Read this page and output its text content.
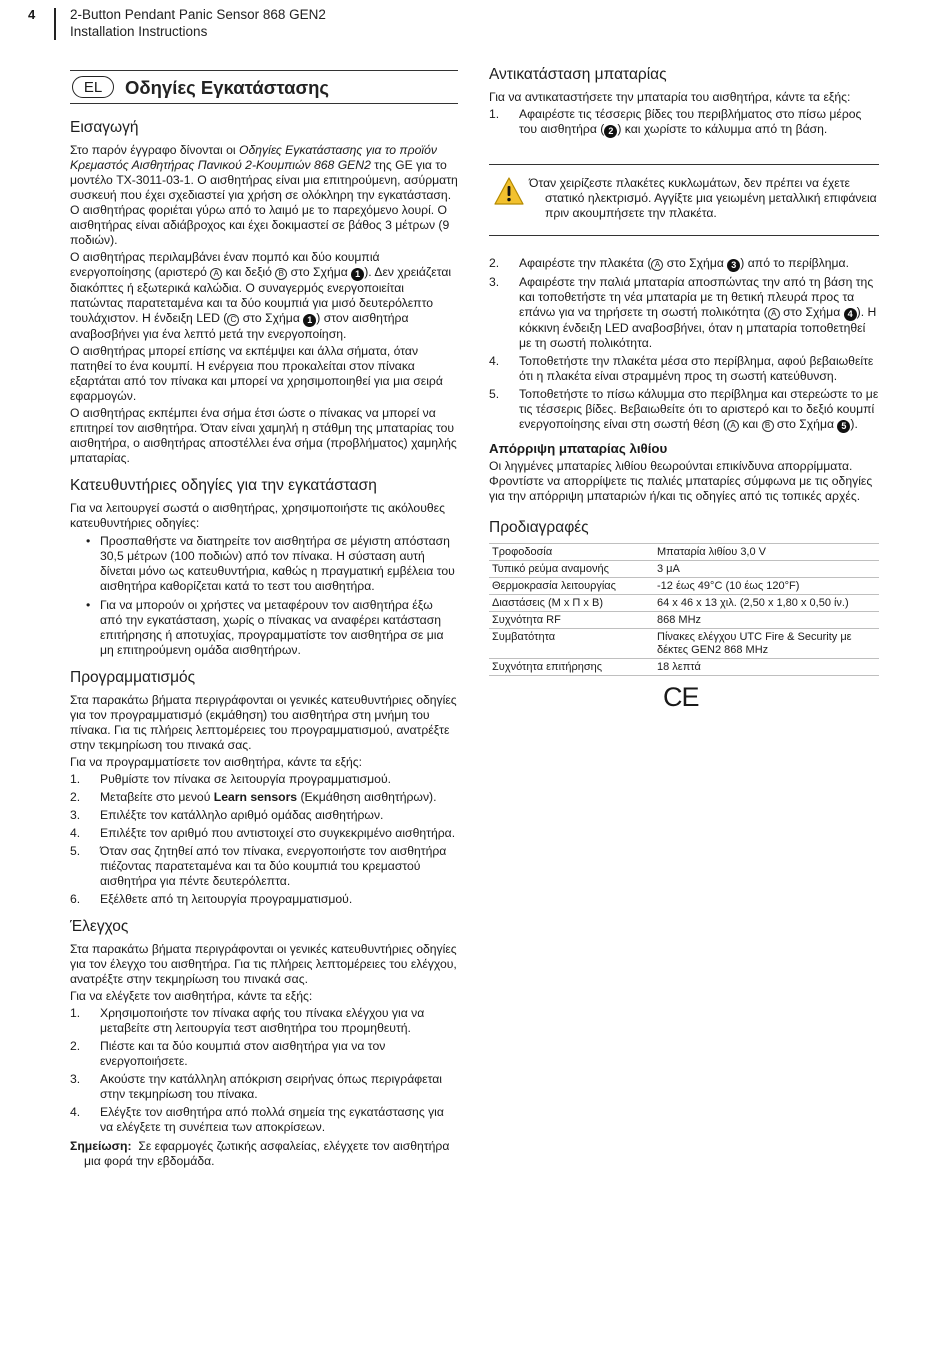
4	2-Button Pendant Panic Sensor 868 GEN2
Installation Instructions
EL	Οδηγίες Εγκατάστασης
Εισαγωγή

Στο παρόν έγγραφο δίνονται οι Οδηγίες Εγκατάστασης για το προϊόν Κρεμαστός Αισθητήρας Πανικού 2-Κουμπιών 868 GEN2 της GE για το μοντέλο TX-3011-03-1. Ο αισθητήρας είναι μια επιτηρούμενη, ασύρματη συσκευή που έχει σχεδιαστεί για χρήση σε ολόκληρη την εγκατάσταση. Ο αισθητήρας φοριέται γύρω από το λαιμό με το παρεχόμενο λουρί. Ο αισθητήρας είναι αδιάβροχος και έχει δοκιμαστεί σε βάθος 3 μέτρων (9 ποδιών).

Ο αισθητήρας περιλαμβάνει έναν πομπό και δύο κουμπιά ενεργοποίησης (αριστερό A και δεξιό B στο Σχήμα 1 ). Δεν χρειάζεται διακόπτες ή εξωτερικά καλώδια. Ο συναγερμός ενεργοποιείται πατώντας παρατεταμένα και τα δύο κουμπιά για μισό δευτερόλεπτο τουλάχιστον. Η ένδειξη LED ( C στο Σχήμα 1 ) στον αισθητήρα αναβοσβήνει για ένα λεπτό μετά την ενεργοποίηση.

Ο αισθητήρας μπορεί επίσης να εκπέμψει και άλλα σήματα, όταν πατηθεί το ένα κουμπί. Η ενέργεια που προκαλείται στον πίνακα εξαρτάται από τον πίνακα και μπορεί να χρησιμοποιηθεί για μια σειρά εφαρμογών.

Ο αισθητήρας εκπέμπει ένα σήμα έτσι ώστε ο πίνακας να μπορεί να επιτηρεί τον αισθητήρα. Όταν είναι χαμηλή η στάθμη της μπαταρίας του αισθητήρα, ο αισθητήρας αποστέλλει ένα σήμα (προβλήματος) χαμηλής μπαταρίας.

Κατευθυντήριες οδηγίες για την εγκατάσταση

Για να λειτουργεί σωστά ο αισθητήρας, χρησιμοποιήστε τις ακόλουθες κατευθυντήριες οδηγίες:

• Προσπαθήστε να διατηρείτε τον αισθητήρα σε μέγιστη απόσταση 30,5 μέτρων (100 ποδιών) από τον πίνακα. Η σύσταση αυτή δίνεται μόνο ως κατευθυντήρια, καθώς η πραγματική εμβέλεια του αισθητήρα καθορίζεται κατά το τεστ του αισθητήρα.
• Για να μπορούν οι χρήστες να μεταφέρουν τον αισθητήρα έξω από την εγκατάσταση, χωρίς ο πίνακας να αναφέρει κατάσταση επιτήρησης ή αποτυχίας, προγραμματίστε τον αισθητήρα σε μια μη επιτηρούμενη ομάδα αισθητήρων.
Προγραμματισμός

Στα παρακάτω βήματα περιγράφονται οι γενικές κατευθυντήριες οδηγίες για τον προγραμματισμό (εκμάθηση) του αισθητήρα στη μνήμη του πίνακα. Για τις πλήρεις λεπτομέρειες του προγραμματισμού, ανατρέξτε στην τεκμηρίωση του πινακά σας.

Για να προγραμματίσετε τον αισθητήρα, κάντε τα εξής:

1.	Ρυθμίστε τον πίνακα σε λειτουργία προγραμματισμού.
2.	Μεταβείτε στο μενού Learn sensors (Εκμάθηση αισθητήρων).
3.	Επιλέξτε τον κατάλληλο αριθμό ομάδας αισθητήρων.
4.	Επιλέξτε τον αριθμό που αντιστοιχεί στο συγκεκριμένο αισθητήρα.
5.	Όταν σας ζητηθεί από τον πίνακα, ενεργοποιήστε τον αισθητήρα πιέζοντας παρατεταμένα και τα δύο κουμπιά του κρεμαστού αισθητήρα για πέντε δευτερόλεπτα.
6.	Εξέλθετε από τη λειτουργία προγραμματισμού.
Έλεγχος

Στα παρακάτω βήματα περιγράφονται οι γενικές κατευθυντήριες οδηγίες για τον έλεγχο του αισθητήρα. Για τις πλήρεις λεπτομέρειες του ελέγχου, ανατρέξτε στην τεκμηρίωση του πινακά σας.

Για να ελέγξετε τον αισθητήρα, κάντε τα εξής:

1.	Χρησιμοποιήστε τον πίνακα αφής του πίνακα ελέγχου για να μεταβείτε στη λειτουργία τεστ αισθητήρα του προμηθευτή.
2.	Πιέστε και τα δύο κουμπιά στον αισθητήρα για να τον ενεργοποιήσετε.
3.	Ακούστε την κατάλληλη απόκριση σειρήνας όπως περιγράφεται στην τεκμηρίωση του πίνακα.
4.	Ελέγξτε τον αισθητήρα από πολλά σημεία της εγκατάστασης για να ελέγξετε τη συνέπεια των αποκρίσεων.

Σημείωση: Σε εφαρμογές ζωτικής ασφαλείας, ελέγχετε τον αισθητήρα μια φορά την εβδομάδα.

Αντικατάσταση μπαταρίας

Για να αντικαταστήσετε την μπαταρία του αισθητήρα, κάντε τα εξής:

1.	Αφαιρέστε τις τέσσερις βίδες του περιβλήματος στο πίσω μέρος του αισθητήρα ( 2 ) και χωρίστε το κάλυμμα από τη βάση.

Όταν χειρίζεστε πλακέτες κυκλωμάτων, δεν πρέπει να έχετε στατικό ηλεκτρισμό. Αγγίξτε μια γειωμένη μεταλλική επιφάνεια πριν ακουμπήσετε την πλακέτα.

2.	Αφαιρέστε την πλακέτα ( A στο Σχήμα 3 ) από το περίβλημα.
3.	Αφαιρέστε την παλιά μπαταρία αποσπώντας την από τη βάση της και τοποθετήστε τη νέα μπαταρία με τη θετική πλευρά προς τα επάνω για να τηρήσετε τη σωστή πολικότητα ( A στο Σχήμα 4 ). Η κόκκινη ένδειξη LED αναβοσβήνει, όταν η μπαταρία τοποθετηθεί με τη σωστή πολικότητα.
4.	Τοποθετήστε την πλακέτα μέσα στο περίβλημα, αφού βεβαιωθείτε ότι η πλακέτα είναι στραμμένη προς τη σωστή κατεύθυνση.
5.	Τοποθετήστε το πίσω κάλυμμα στο περίβλημα και στερεώστε το με τις τέσσερις βίδες. Βεβαιωθείτε ότι το αριστερό και το δεξιό κουμπί ενεργοποίησης είναι στη σωστή θέση ( A και B στο Σχήμα 5 ).
Απόρριψη μπαταρίας λιθίου

Οι ληγμένες μπαταρίες λιθίου θεωρούνται επικίνδυνα απορρίμματα. Φροντίστε να απορρίψετε τις παλιές μπαταρίες σύμφωνα με τις οδηγίες για την απόρριψη μπαταριών ή/και τις οδηγίες από τις τοπικές αρχές.

Προδιαγραφές
Τροφοδοσία	Μπαταρία λιθίου 3,0 V
Τυπικό ρεύμα αναμονής	3 μA
Θερμοκρασία λειτουργίας	-12 έως 49°C (10 έως 120°F)
Διαστάσεις (Μ x Π x Β)	64 x 46 x 13 χιλ. (2,50 x 1,80 x 0,50 ίν.)
Συχνότητα RF	868 MHz
Συμβατότητα	Πίνακες ελέγχου UTC Fire & Security με δέκτες GEN2 868 MHz
Συχνότητα επιτήρησης	18 λεπτά
CE
